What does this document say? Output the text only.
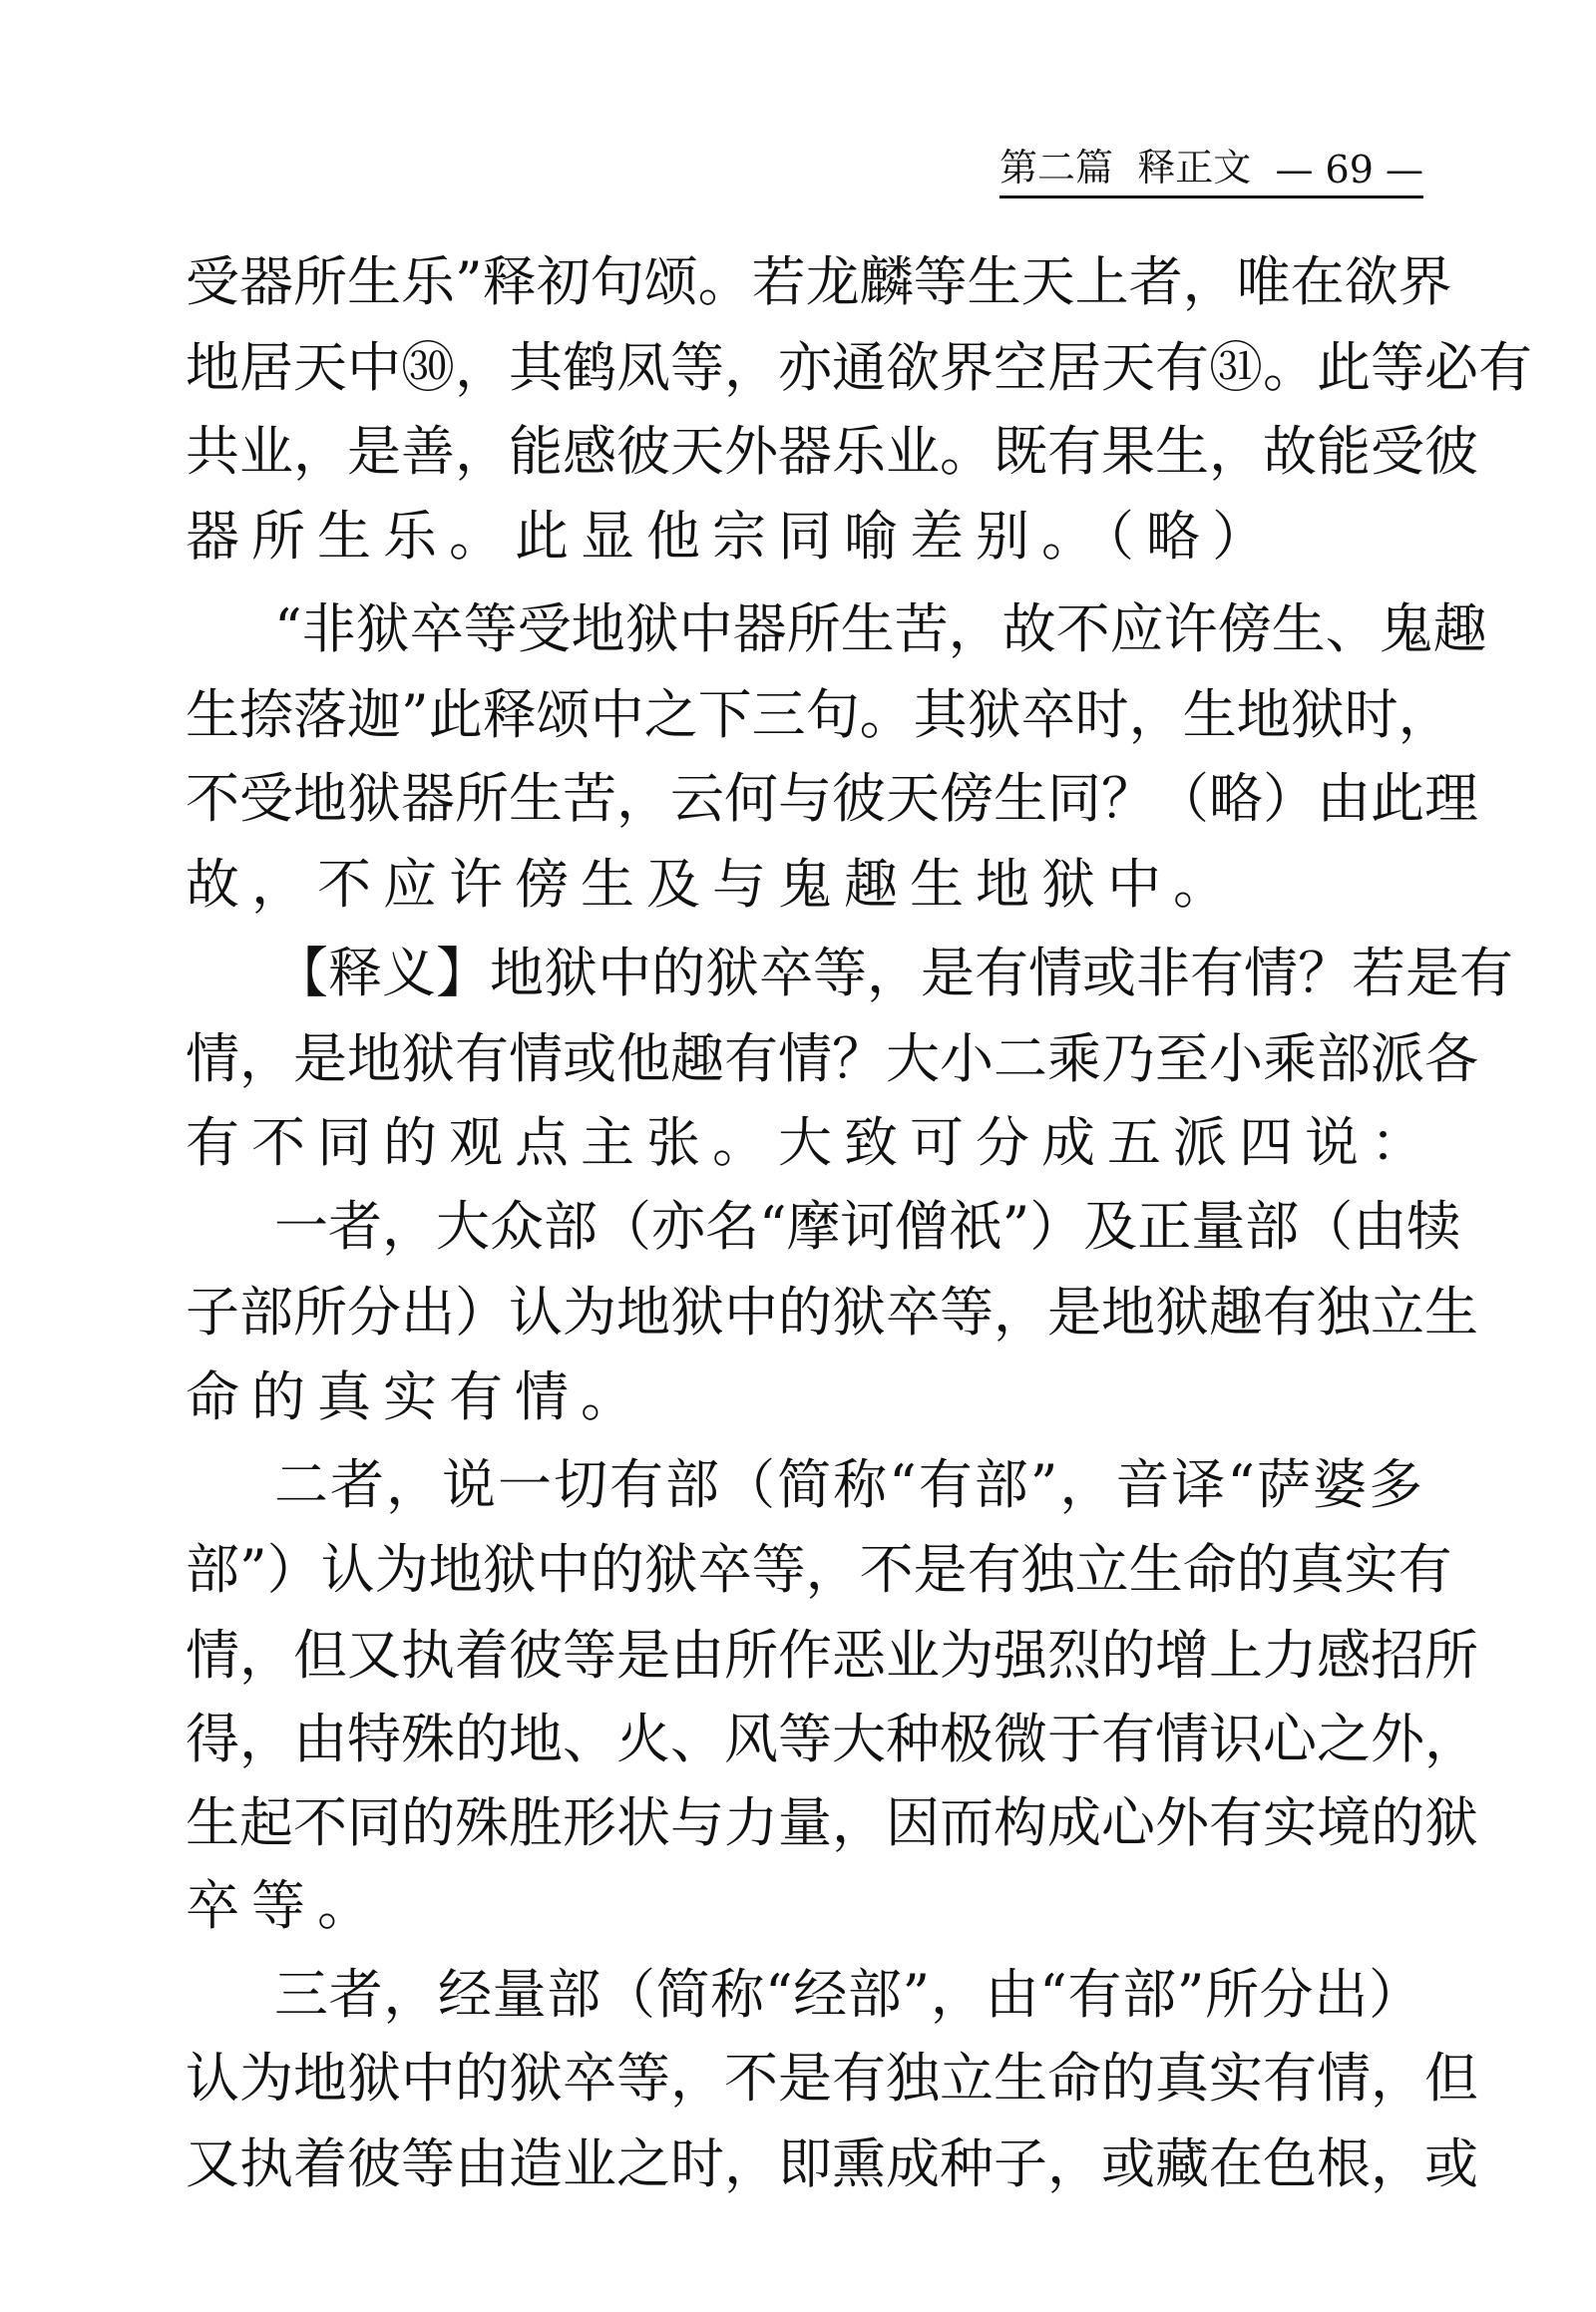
第二篇 释正文 — 69 —
受器所生乐”释初句颂。若龙麟等生天上者，唯在欲界
地居天中㉚，其鹤凤等，亦通欲界空居天有㉛。此等必有
共业，是善，能感彼天外器乐业。既有果生，故能受彼
器所生乐。此显他宗同喻差别。（略）
“非狱卒等受地狱中器所生苦，故不应许傍生、鬼趣
生捺落迦”此释颂中之下三句。其狱卒时，生地狱时，
不受地狱器所生苦，云何与彼天傍生同？（略）由此理
故，不应许傍生及与鬼趣生地狱中。
【释义】地狱中的狱卒等，是有情或非有情？若是有
情，是地狱有情或他趣有情？大小二乘乃至小乘部派各
有不同的观点主张。大致可分成五派四说：
一者，大众部（亦名“摩诃僧祇”）及正量部（由犊
子部所分出）认为地狱中的狱卒等，是地狱趣有独立生
命的真实有情。
二者，说一切有部（简称“有部”，音译“萨婆多
部”）认为地狱中的狱卒等，不是有独立生命的真实有
情，但又执着彼等是由所作恶业为强烈的增上力感招所
得，由特殊的地、火、风等大种极微于有情识心之外，
生起不同的殊胜形状与力量，因而构成心外有实境的狱
卒等。
三者，经量部（简称“经部”，由“有部”所分出）
认为地狱中的狱卒等，不是有独立生命的真实有情，但
又执着彼等由造业之时，即熏成种子，或藏在色根，或
